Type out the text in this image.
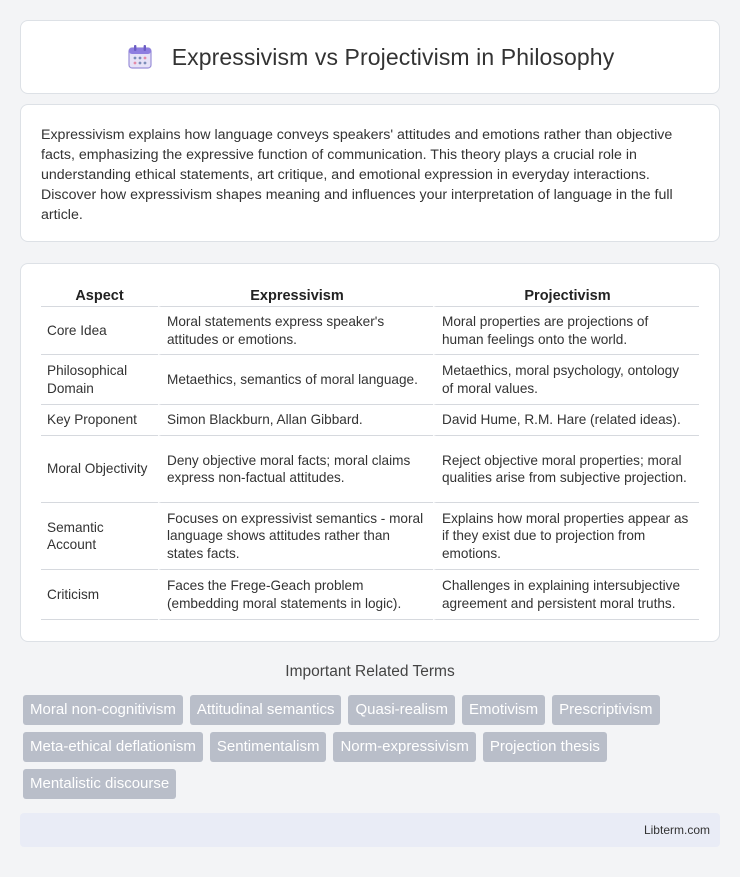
Expressivism vs Projectivism in Philosophy

Expressivism explains how language conveys speakers' attitudes and emotions rather than objective facts, emphasizing the expressive function of communication. This theory plays a crucial role in understanding ethical statements, art critique, and emotional expression in everyday interactions. Discover how expressivism shapes meaning and influences your interpretation of language in the full article.

Aspect	Expressivism	Projectivism
Core Idea	Moral statements express speaker's attitudes or emotions.	Moral properties are projections of human feelings onto the world.
Philosophical Domain	Metaethics, semantics of moral language.	Metaethics, moral psychology, ontology of moral values.
Key Proponent	Simon Blackburn, Allan Gibbard.	David Hume, R.M. Hare (related ideas).
Moral Objectivity	Deny objective moral facts; moral claims express non-factual attitudes.	Reject objective moral properties; moral qualities arise from subjective projection.
Semantic Account	Focuses on expressivist semantics - moral language shows attitudes rather than states facts.	Explains how moral properties appear as if they exist due to projection from emotions.
Criticism	Faces the Frege-Geach problem (embedding moral statements in logic).	Challenges in explaining intersubjective agreement and persistent moral truths.
Important Related Terms
Moral non-cognitivism	Attitudinal semantics	Quasi-realism	Emotivism	Prescriptivism
Meta-ethical deflationism	Sentimentalism	Norm-expressivism	Projection thesis
Mentalistic discourse
Libterm.com
